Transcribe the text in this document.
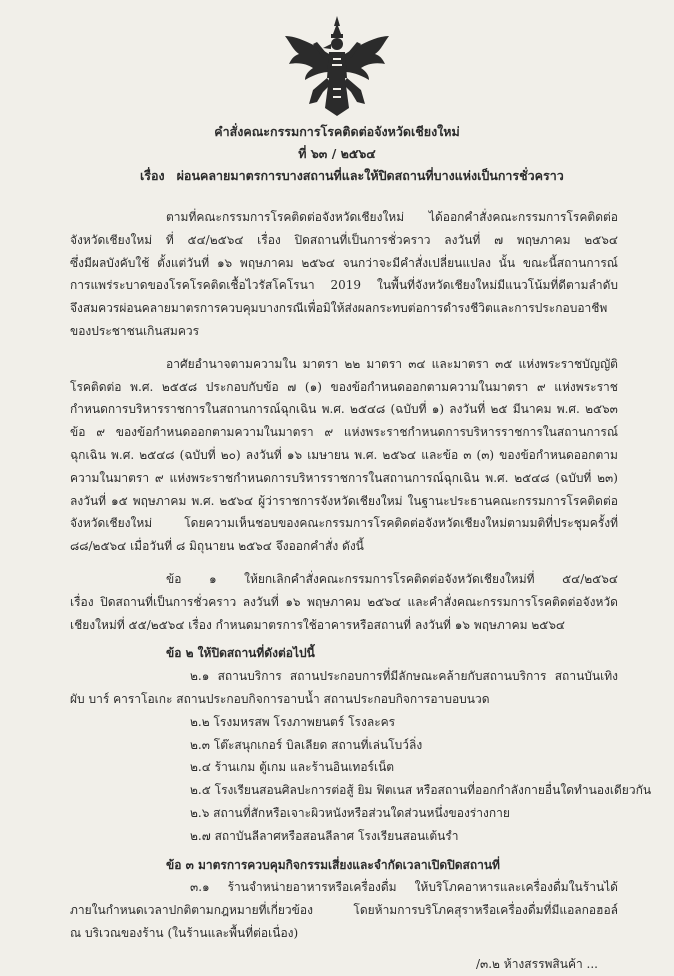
คำสั่งคณะกรรมการโรคติดต่อจังหวัดเชียงใหม่
ที่ ๖๓ / ๒๕๖๔
เรื่อง ผ่อนคลายมาตรการบางสถานที่และให้ปิดสถานที่บางแห่งเป็นการชั่วคราว
ตามที่คณะกรรมการโรคติดต่อจังหวัดเชียงใหม่ ได้ออกคำสั่งคณะกรรมการโรคติดต่อ
จังหวัดเชียงใหม่ ที่ ๕๔/๒๕๖๔ เรื่อง ปิดสถานที่เป็นการชั่วคราว ลงวันที่ ๗ พฤษภาคม ๒๕๖๔
ซึ่งมีผลบังคับใช้ ตั้งแต่วันที่ ๑๖ พฤษภาคม ๒๕๖๔ จนกว่าจะมีคำสั่งเปลี่ยนแปลง นั้น ขณะนี้สถานการณ์
การแพร่ระบาดของโรคโรคติดเชื้อไวรัสโคโรนา 2019 ในพื้นที่จังหวัดเชียงใหม่มีแนวโน้มที่ดีตามลำดับ
จึงสมควรผ่อนคลายมาตรการควบคุมบางกรณีเพื่อมิให้ส่งผลกระทบต่อการดำรงชีวิตและการประกอบอาชีพ
ของประชาชนเกินสมควร
อาศัยอำนาจตามความใน มาตรา ๒๒ มาตรา ๓๔ และมาตรา ๓๕ แห่งพระราชบัญญัติ
โรคติดต่อ พ.ศ. ๒๕๕๘ ประกอบกับข้อ ๗ (๑) ของข้อกำหนดออกตามความในมาตรา ๙ แห่งพระราช
กำหนดการบริหารราชการในสถานการณ์ฉุกเฉิน พ.ศ. ๒๕๔๘ (ฉบับที่ ๑) ลงวันที่ ๒๕ มีนาคม พ.ศ. ๒๕๖๓
ข้อ ๙ ของข้อกำหนดออกตามความในมาตรา ๙ แห่งพระราชกำหนดการบริหารราชการในสถานการณ์
ฉุกเฉิน พ.ศ. ๒๕๔๘ (ฉบับที่ ๒๐) ลงวันที่ ๑๖ เมษายน พ.ศ. ๒๕๖๔ และข้อ ๓ (๓) ของข้อกำหนดออกตาม
ความในมาตรา ๙ แห่งพระราชกำหนดการบริหารราชการในสถานการณ์ฉุกเฉิน พ.ศ. ๒๕๔๘ (ฉบับที่ ๒๓)
ลงวันที่ ๑๕ พฤษภาคม พ.ศ. ๒๕๖๔ ผู้ว่าราชการจังหวัดเชียงใหม่ ในฐานะประธานคณะกรรมการโรคติดต่อ
จังหวัดเชียงใหม่	โดยความเห็นชอบของคณะกรรมการโรคติดต่อจังหวัดเชียงใหม่ตามมติที่ประชุมครั้งที่
๘๘/๒๕๖๔ เมื่อวันที่ ๘ มิถุนายน ๒๕๖๔ จึงออกคำสั่ง ดังนี้
ข้อ ๑ ให้ยกเลิกคำสั่งคณะกรรมการโรคติดต่อจังหวัดเชียงใหม่ที่ ๕๔/๒๕๖๔
เรื่อง ปิดสถานที่เป็นการชั่วคราว ลงวันที่ ๑๖ พฤษภาคม ๒๕๖๔ และคำสั่งคณะกรรมการโรคติดต่อจังหวัด
เชียงใหม่ที่ ๕๕/๒๕๖๔ เรื่อง กำหนดมาตรการใช้อาคารหรือสถานที่ ลงวันที่ ๑๖ พฤษภาคม ๒๕๖๔
ข้อ ๒ ให้ปิดสถานที่ดังต่อไปนี้
๒.๑ สถานบริการ สถานประกอบการที่มีลักษณะคล้ายกับสถานบริการ สถานบันเทิง
ผับ บาร์ คาราโอเกะ สถานประกอบกิจการอาบน้ำ สถานประกอบกิจการอาบอบนวด
๒.๒ โรงมหรสพ โรงภาพยนตร์ โรงละคร
๒.๓ โต๊ะสนุกเกอร์ บิลเลียด สถานที่เล่นโบว์ลิ่ง
๒.๔ ร้านเกม ตู้เกม และร้านอินเทอร์เน็ต
๒.๕ โรงเรียนสอนศิลปะการต่อสู้ ยิม ฟิตเนส หรือสถานที่ออกกำลังกายอื่นใดทำนองเดียวกัน
๒.๖ สถานที่สักหรือเจาะผิวหนังหรือส่วนใดส่วนหนึ่งของร่างกาย
๒.๗ สถาบันลีลาศหรือสอนลีลาศ โรงเรียนสอนเต้นรำ
ข้อ ๓ มาตรการควบคุมกิจกรรมเสี่ยงและจำกัดเวลาเปิดปิดสถานที่
๓.๑ ร้านจำหน่ายอาหารหรือเครื่องดื่ม ให้บริโภคอาหารและเครื่องดื่มในร้านได้
ภายในกำหนดเวลาปกติตามกฎหมายที่เกี่ยวข้อง	โดยห้ามการบริโภคสุราหรือเครื่องดื่มที่มีแอลกอฮอล์
ณ บริเวณของร้าน (ในร้านและพื้นที่ต่อเนื่อง)
/๓.๒ ห้างสรรพสินค้า ...
